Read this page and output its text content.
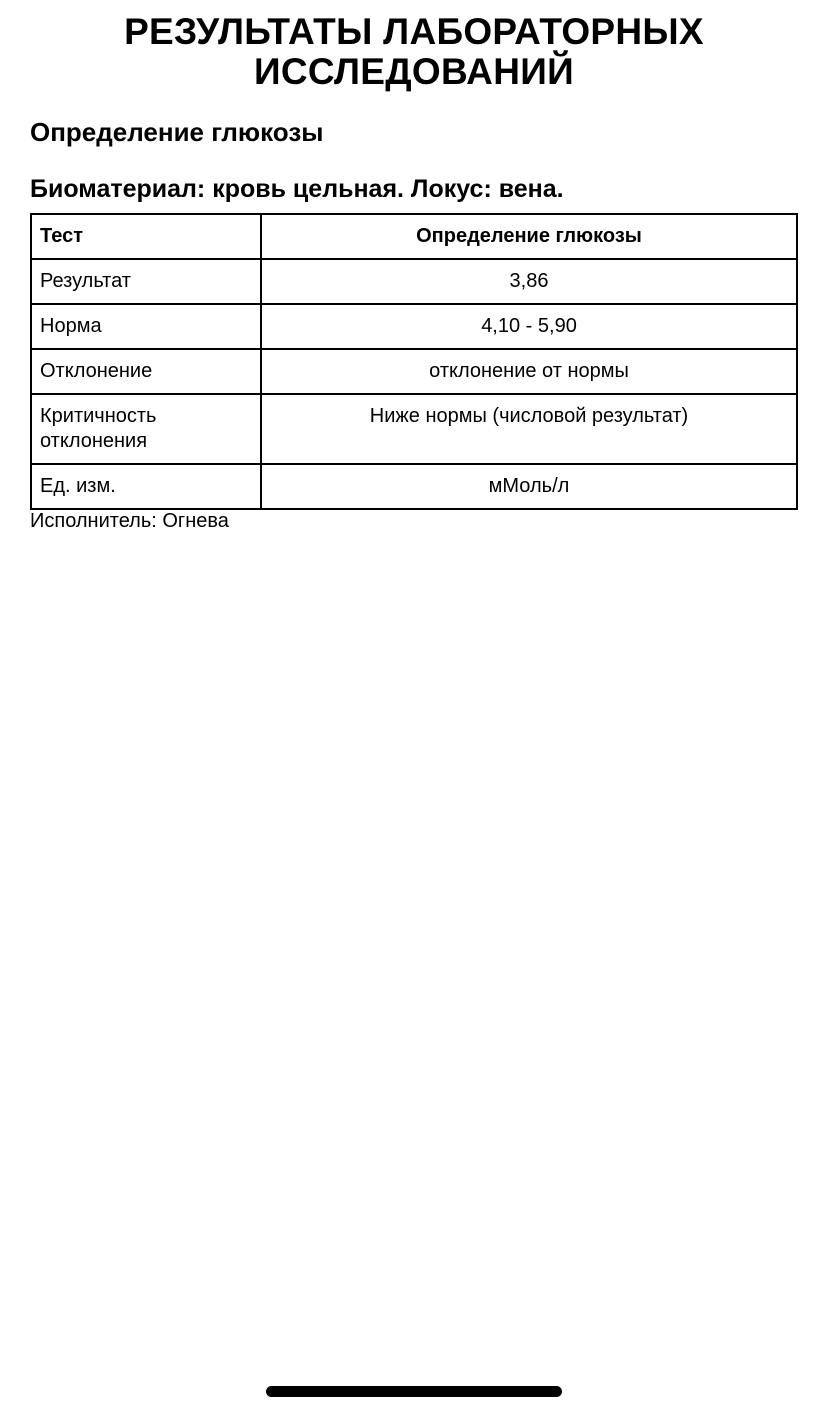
РЕЗУЛЬТАТЫ ЛАБОРАТОРНЫХ ИССЛЕДОВАНИЙ
Определение глюкозы
Биоматериал: кровь цельная. Локус: вена.
Тест	Определение глюкозы
Результат	3,86
Норма	4,10 - 5,90
Отклонение	отклонение от нормы
Критичность отклонения	Ниже нормы (числовой результат)
Ед. изм.	мМоль/л

Исполнитель: Огнева
